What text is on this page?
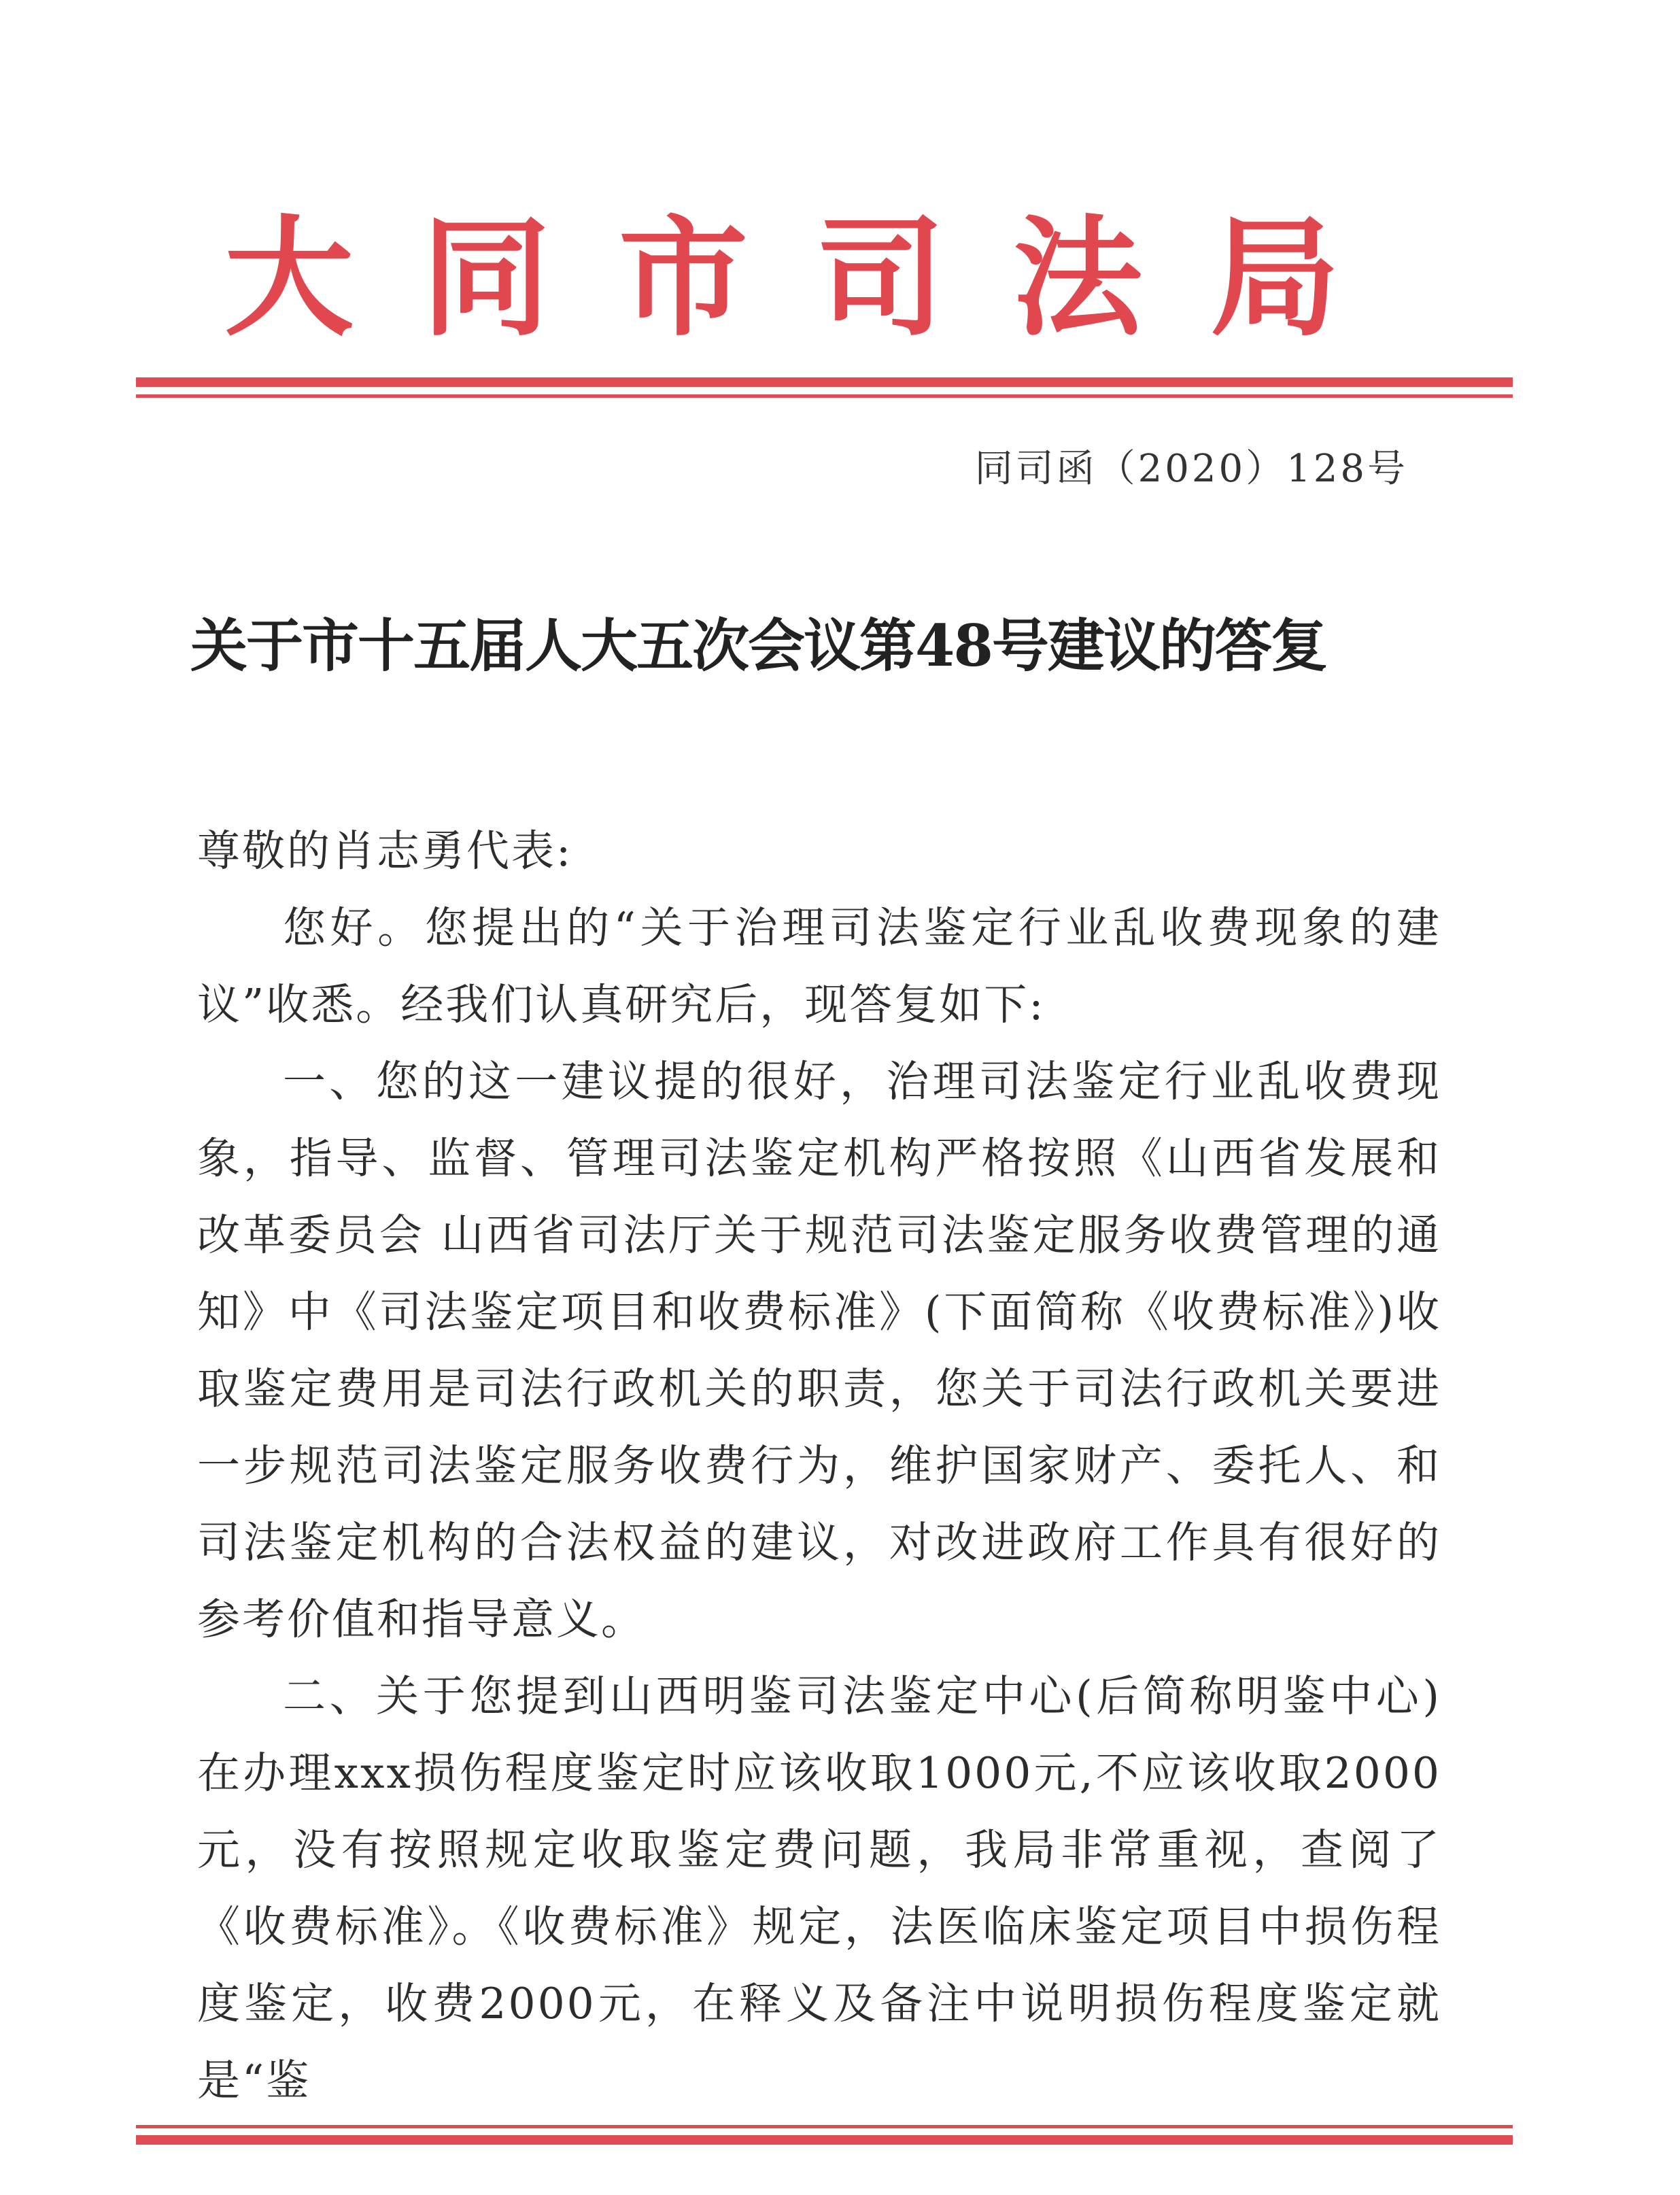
大同市司法局
同司函（2020）128号
关于市十五届人大五次会议第48号建议的答复

尊敬的肖志勇代表:

您好。您提出的“关于治理司法鉴定行业乱收费现象的建议”收悉。经我们认真研究后，现答复如下:

一、您的这一建议提的很好，治理司法鉴定行业乱收费现象，指导、监督、管理司法鉴定机构严格按照《山西省发展和改革委员会 山西省司法厅关于规范司法鉴定服务收费管理的通知》中《司法鉴定项目和收费标准》(下面简称《收费标准》)收取鉴定费用是司法行政机关的职责，您关于司法行政机关要进一步规范司法鉴定服务收费行为，维护国家财产、委托人、和司法鉴定机构的合法权益的建议，对改进政府工作具有很好的参考价值和指导意义。

二、关于您提到山西明鉴司法鉴定中心(后简称明鉴中心)在办理xxx损伤程度鉴定时应该收取1000元,不应该收取2000元，没有按照规定收取鉴定费问题，我局非常重视，查阅了《收费标准》。《收费标准》规定，法医临床鉴定项目中损伤程度鉴定，收费2000元，在释义及备注中说明损伤程度鉴定就是“鉴
